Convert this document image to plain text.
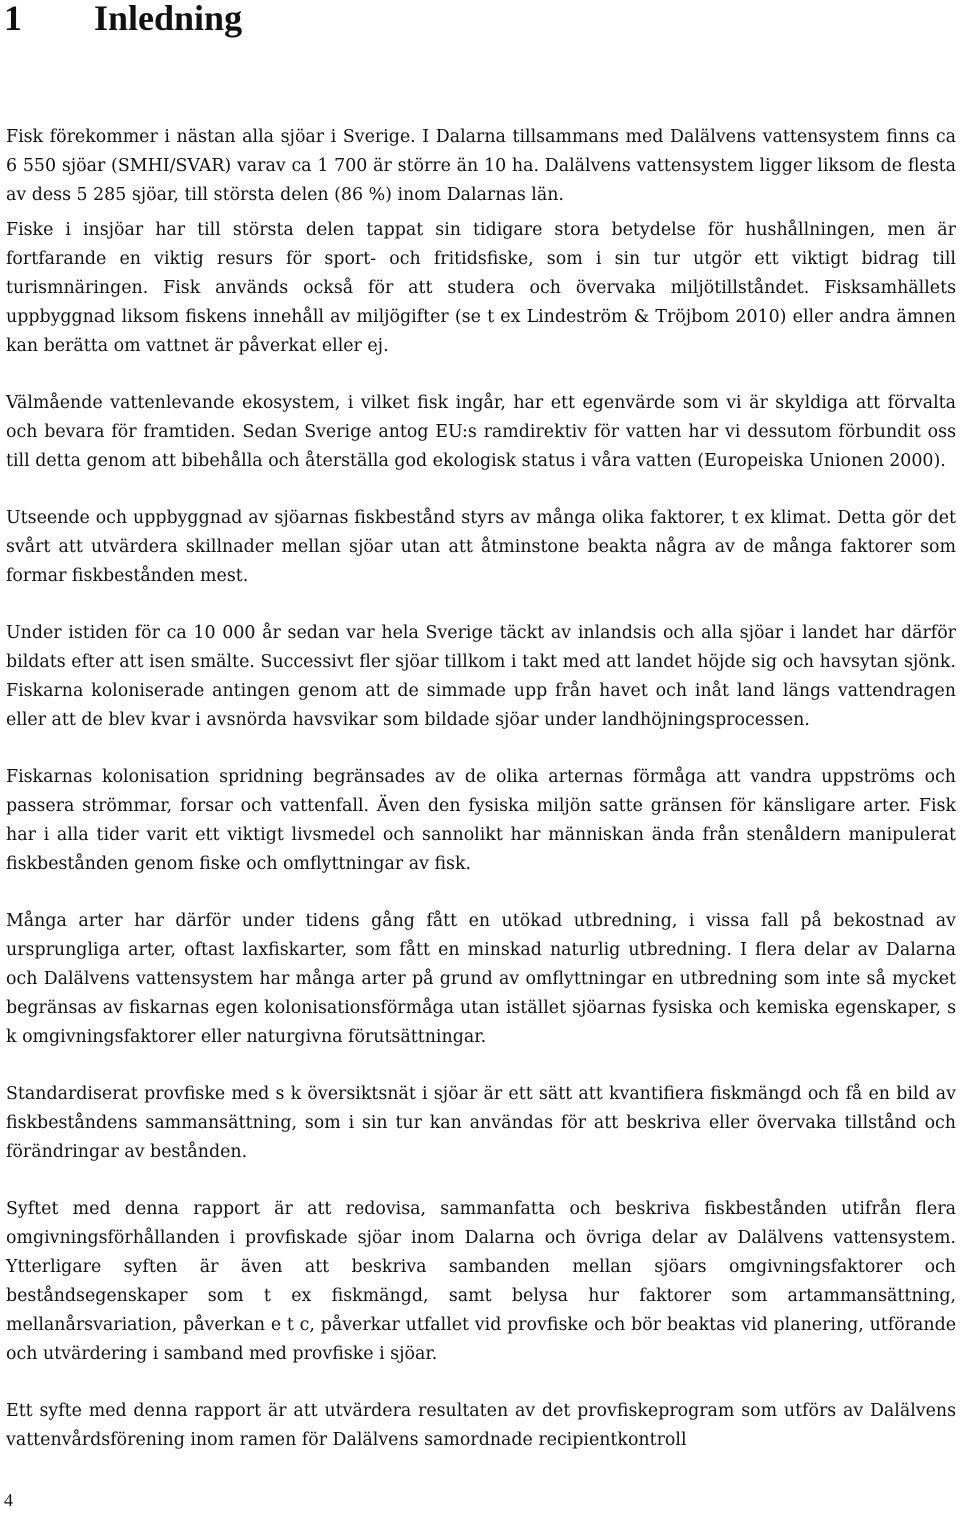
1 Inledning

Fisk förekommer i nästan alla sjöar i Sverige. I Dalarna tillsammans med Dalälvens vattensystem finns ca 6 550 sjöar (SMHI/SVAR) varav ca 1 700 är större än 10 ha. Dalälvens vattensystem ligger liksom de flesta av dess 5 285 sjöar, till största delen (86 %) inom Dalarnas län.

Fiske i insjöar har till största delen tappat sin tidigare stora betydelse för hushållningen, men är fortfarande en viktig resurs för sport- och fritidsfiske, som i sin tur utgör ett viktigt bidrag till turismnäringen. Fisk används också för att studera och övervaka miljötillståndet. Fisksamhällets uppbyggnad liksom fiskens innehåll av miljögifter (se t ex Lindeström & Tröjbom 2010) eller andra ämnen kan berätta om vattnet är påverkat eller ej.

Välmående vattenlevande ekosystem, i vilket fisk ingår, har ett egenvärde som vi är skyldiga att förvalta och bevara för framtiden. Sedan Sverige antog EU:s ramdirektiv för vatten har vi dessutom förbundit oss till detta genom att bibehålla och återställa god ekologisk status i våra vatten (Europeiska Unionen 2000).

Utseende och uppbyggnad av sjöarnas fiskbestånd styrs av många olika faktorer, t ex klimat. Detta gör det svårt att utvärdera skillnader mellan sjöar utan att åtminstone beakta några av de många faktorer som formar fiskbestånden mest.

Under istiden för ca 10 000 år sedan var hela Sverige täckt av inlandsis och alla sjöar i landet har därför bildats efter att isen smälte. Successivt fler sjöar tillkom i takt med att landet höjde sig och havsytan sjönk. Fiskarna koloniserade antingen genom att de simmade upp från havet och inåt land längs vattendragen eller att de blev kvar i avsnörda havsvikar som bildade sjöar under landhöjningsprocessen.

Fiskarnas kolonisation spridning begränsades av de olika arternas förmåga att vandra uppströms och passera strömmar, forsar och vattenfall. Även den fysiska miljön satte gränsen för känsligare arter. Fisk har i alla tider varit ett viktigt livsmedel och sannolikt har människan ända från stenåldern manipulerat fiskbestånden genom fiske och omflyttningar av fisk.

Många arter har därför under tidens gång fått en utökad utbredning, i vissa fall på bekostnad av ursprungliga arter, oftast laxfiskarter, som fått en minskad naturlig utbredning. I flera delar av Dalarna och Dalälvens vattensystem har många arter på grund av omflyttningar en utbredning som inte så mycket begränsas av fiskarnas egen kolonisationsförmåga utan istället sjöarnas fysiska och kemiska egenskaper, s k omgivningsfaktorer eller naturgivna förutsättningar.

Standardiserat provfiske med s k översiktsnät i sjöar är ett sätt att kvantifiera fiskmängd och få en bild av fiskbeståndens sammansättning, som i sin tur kan användas för att beskriva eller övervaka tillstånd och förändringar av bestånden.

Syftet med denna rapport är att redovisa, sammanfatta och beskriva fiskbestånden utifrån flera omgivningsförhållanden i provfiskade sjöar inom Dalarna och övriga delar av Dalälvens vattensystem. Ytterligare syften är även att beskriva sambanden mellan sjöars omgivningsfaktorer och beståndsegenskaper som t ex fiskmängd, samt belysa hur faktorer som artammansättning, mellanårsvariation, påverkan e t c, påverkar utfallet vid provfiske och bör beaktas vid planering, utförande och utvärdering i samband med provfiske i sjöar.

Ett syfte med denna rapport är att utvärdera resultaten av det provfiskeprogram som utförs av Dalälvens vattenvårdsförening inom ramen för Dalälvens samordnade recipientkontroll

4
